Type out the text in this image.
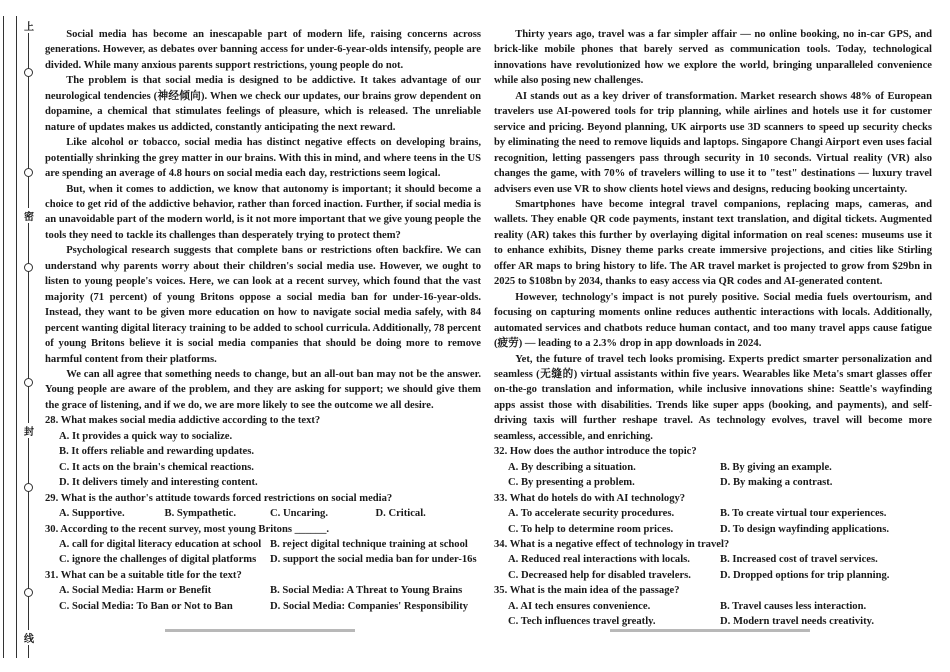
上
密
封
线

Social media has become an inescapable part of modern life, raising concerns across generations. However, as debates over banning access for under-6-year-olds intensify, people are divided. While many anxious parents support restrictions, young people do not.

The problem is that social media is designed to be addictive. It takes advantage of our neurological tendencies (神经倾向). When we check our updates, our brains grow dependent on dopamine, a chemical that stimulates feelings of pleasure, which is released. The unreliable nature of updates makes us addicted, constantly anticipating the next reward.

Like alcohol or tobacco, social media has distinct negative effects on developing brains, potentially shrinking the grey matter in our brains. With this in mind, and where teens in the US are spending an average of 4.8 hours on social media each day, restrictions seem logical.

But, when it comes to addiction, we know that autonomy is important; it should become a choice to get rid of the addictive behavior, rather than forced inaction. Further, if social media is an unavoidable part of the modern world, is it not more important that we give young people the tools they need to tackle its challenges than desperately trying to protect them?

Psychological research suggests that complete bans or restrictions often backfire. We can understand why parents worry about their children's social media use. However, we ought to listen to young people's voices. Here, we can look at a recent survey, which found that the vast majority (71 percent) of young Britons oppose a social media ban for under-16-year-olds. Instead, they want to be given more education on how to navigate social media safely, with 84 percent wanting digital literacy training to be added to school curricula. Additionally, 78 percent of young Britons believe it is social media companies that should be doing more to remove harmful content from their platforms.

We can all agree that something needs to change, but an all-out ban may not be the answer. Young people are aware of the problem, and they are asking for support; we should give them the grace of listening, and if we do, we are more likely to see the outcome we all desire.

28. What makes social media addictive according to the text?
A. It provides a quick way to socialize.
B. It offers reliable and rewarding updates.
C. It acts on the brain's chemical reactions.
D. It delivers timely and interesting content.
29. What is the author's attitude towards forced restrictions on social media?
A. Supportive.	B. Sympathetic.	C. Uncaring.	D. Critical.
30. According to the recent survey, most young Britons ______.
A. call for digital literacy education at school B. reject digital technique training at school
C. ignore the challenges of digital platforms	D. support the social media ban for under-16s
31. What can be a suitable title for the text?
A. Social Media: Harm or Benefit	B. Social Media: A Threat to Young Brains
C. Social Media: To Ban or Not to Ban	D. Social Media: Companies' Responsibility

Thirty years ago, travel was a far simpler affair — no online booking, no in-car GPS, and brick-like mobile phones that barely served as communication tools. Today, technological innovations have revolutionized how we explore the world, bringing unparalleled convenience while also posing new challenges.

AI stands out as a key driver of transformation. Market research shows 48% of European travelers use AI-powered tools for trip planning, while airlines and hotels use it for customer service and pricing. Beyond planning, UK airports use 3D scanners to speed up security checks by eliminating the need to remove liquids and laptops. Singapore Changi Airport even uses facial recognition, letting passengers pass through security in 10 seconds. Virtual reality (VR) also changes the game, with 70% of travelers willing to use it to "test" destinations — luxury travel advisers even use VR to show clients hotel views and designs, reducing booking uncertainty.

Smartphones have become integral travel companions, replacing maps, cameras, and wallets. They enable QR code payments, instant text translation, and digital tickets. Augmented reality (AR) takes this further by overlaying digital information on real scenes: museums use it to enhance exhibits, Disney theme parks create immersive projections, and cities like Stirling offer AR maps to bring history to life. The AR travel market is projected to grow from $29bn in 2025 to $108bn by 2034, thanks to easy access via QR codes and AI-generated content.

However, technology's impact is not purely positive. Social media fuels overtourism, and focusing on capturing moments online reduces authentic interactions with locals. Additionally, automated services and chatbots reduce human contact, and too many travel apps cause fatigue (疲劳) — leading to a 2.3% drop in app downloads in 2024.

Yet, the future of travel tech looks promising. Experts predict smarter personalization and seamless (无缝的) virtual assistants within five years. Wearables like Meta's smart glasses offer on-the-go translation and information, while inclusive innovations shine: Seattle's wayfinding apps assist those with disabilities. Trends like super apps (booking, and payments), and self-driving taxis will further reshape travel. As technology evolves, travel will become more seamless, accessible, and enriching.

32. How does the author introduce the topic?
A. By describing a situation.	B. By giving an example.
C. By presenting a problem.	D. By making a contrast.
33. What do hotels do with AI technology?
A. To accelerate security procedures.	B. To create virtual tour experiences.
C. To help to determine room prices.	D. To design wayfinding applications.
34. What is a negative effect of technology in travel?
A. Reduced real interactions with locals.	B. Increased cost of travel services.
C. Decreased help for disabled travelers.	D. Dropped options for trip planning.
35. What is the main idea of the passage?
A. AI tech ensures convenience.	B. Travel causes less interaction.
C. Tech influences travel greatly.	D. Modern travel needs creativity.
